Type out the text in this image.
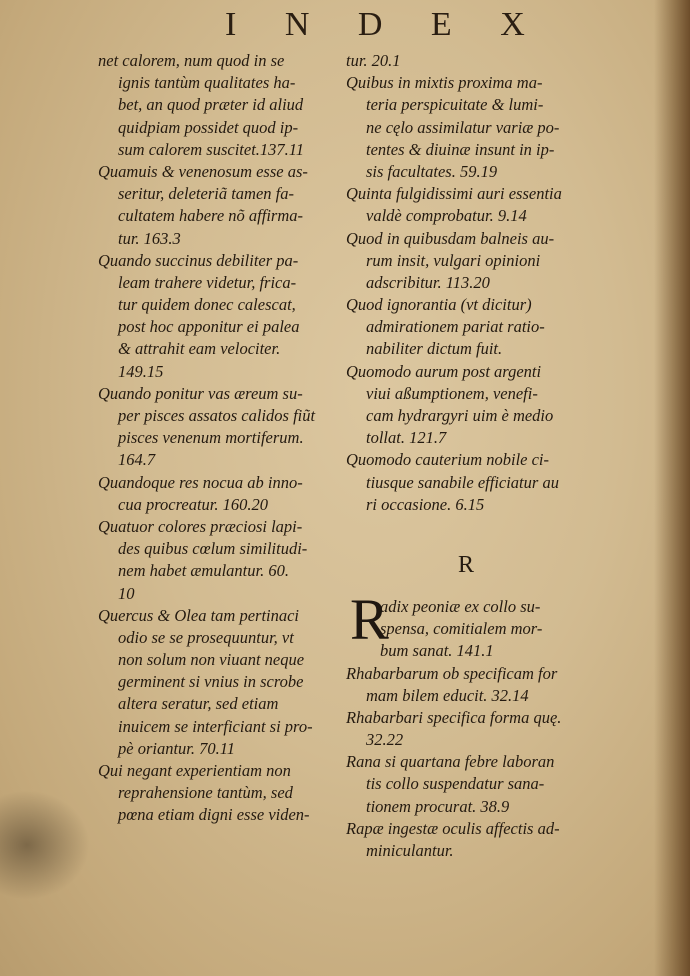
I N D E X
net calorem, num quod in se
ignis tantùm qualitates ha-
bet, an quod præter id aliud
quidpiam possidet quod ip-
sum calorem suscitet.137.11
Quamuis & venenosum esse as-
seritur, deleteriã tamen fa-
cultatem habere nõ affirma-
tur. 163.3
Quando succinus debiliter pa-
leam trahere videtur, frica-
tur quidem donec calescat,
post hoc apponitur ei palea
& attrahit eam velociter.
149.15
Quando ponitur vas æreum su-
per pisces assatos calidos fiũt
pisces venenum mortiferum.
164.7
Quandoque res nocua ab inno-
cua procreatur. 160.20
Quatuor colores præciosi lapi-
des quibus cœlum similitudi-
nem habet æmulantur. 60.
10
Quercus & Olea tam pertinaci
odio se se prosequuntur, vt
non solum non viuant neque
germinent si vnius in scrobe
altera seratur, sed etiam
inuicem se interficiant si pro-
pè oriantur. 70.11
Qui negant experientiam non
reprahensione tantùm, sed
pœna etiam digni esse viden-
tur. 20.1
Quibus in mixtis proxima ma-
teria perspicuitate & lumi-
ne cęlo assimilatur variæ po-
tentes & diuinæ insunt in ip-
sis facultates. 59.19
Quinta fulgidissimi auri essentia
valdè comprobatur. 9.14
Quod in quibusdam balneis au-
rum insit, vulgari opinioni
adscribitur. 113.20
Quod ignorantia (vt dicitur)
admirationem pariat ratio-
nabiliter dictum fuit.
Quomodo aurum post argenti
viui aßumptionem, venefi-
cam hydrargyri uim è medio
tollat. 121.7
Quomodo cauterium nobile ci-
tiusque sanabile efficiatur au
ri occasione. 6.15
R
R
adix peoniæ ex collo su-
spensa, comitialem mor-
bum sanat. 141.1
Rhabarbarum ob specificam for
mam bilem educit. 32.14
Rhabarbari specifica forma quę.
32.22
Rana si quartana febre laboran
tis collo suspendatur sana-
tionem procurat. 38.9
Rapæ ingestæ oculis affectis ad-
miniculantur.
